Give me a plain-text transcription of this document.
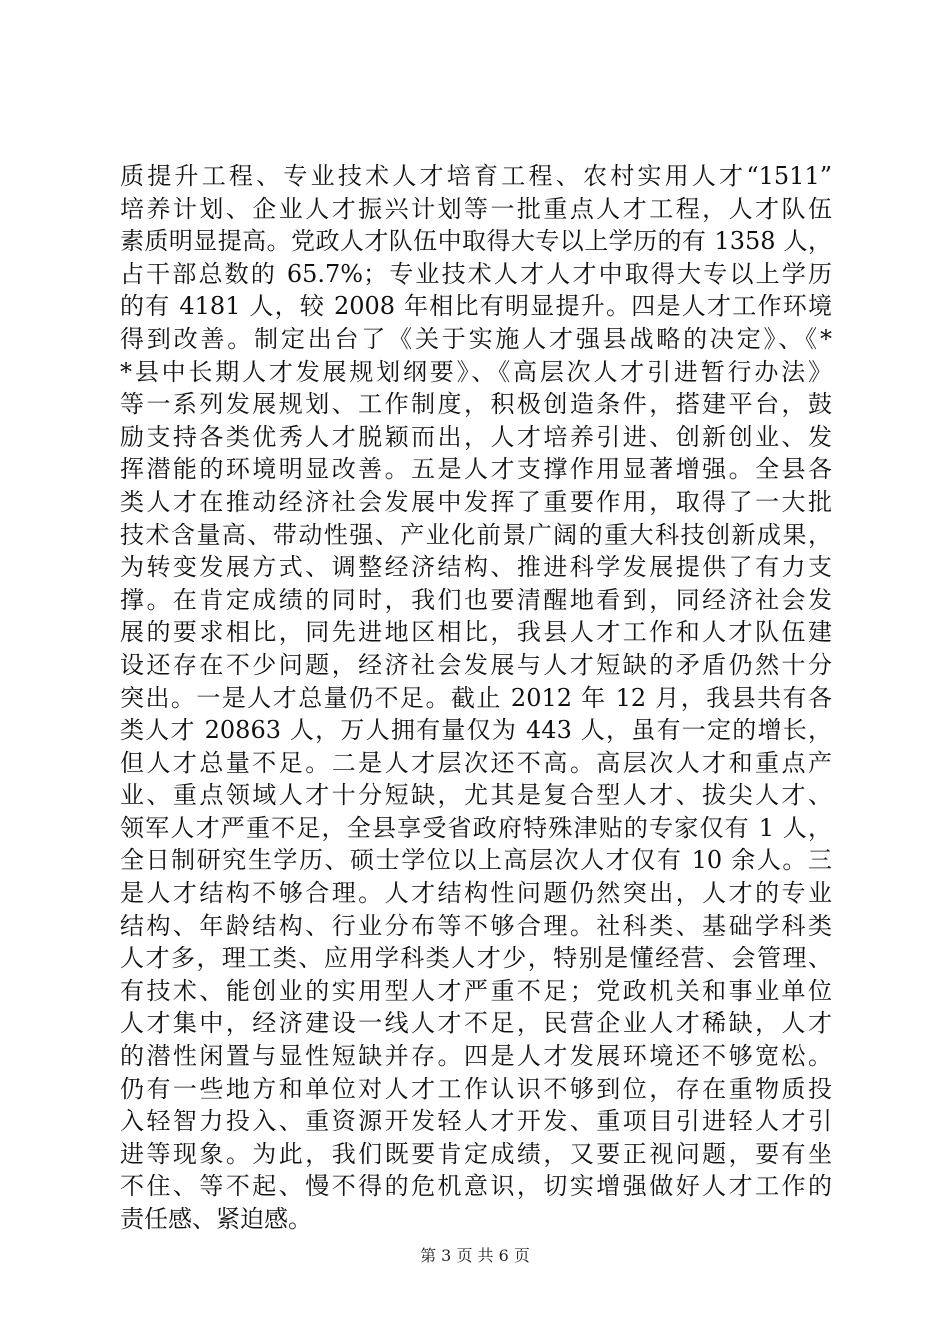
质提升工程、专业技术人才培育工程、农村实用人才“1511”
培养计划、企业人才振兴计划等一批重点人才工程，人才队伍
素质明显提高。党政人才队伍中取得大专以上学历的有 1358 人，
占干部总数的 65.7%；专业技术人才人才中取得大专以上学历
的有 4181 人，较 2008 年相比有明显提升。四是人才工作环境
得到改善。制定出台了《关于实施人才强县战略的决定》、《*
*县中长期人才发展规划纲要》、《高层次人才引进暂行办法》
等一系列发展规划、工作制度，积极创造条件，搭建平台，鼓
励支持各类优秀人才脱颖而出，人才培养引进、创新创业、发
挥潜能的环境明显改善。五是人才支撑作用显著增强。全县各
类人才在推动经济社会发展中发挥了重要作用，取得了一大批
技术含量高、带动性强、产业化前景广阔的重大科技创新成果，
为转变发展方式、调整经济结构、推进科学发展提供了有力支
撑。在肯定成绩的同时，我们也要清醒地看到，同经济社会发
展的要求相比，同先进地区相比，我县人才工作和人才队伍建
设还存在不少问题，经济社会发展与人才短缺的矛盾仍然十分
突出。一是人才总量仍不足。截止 2012 年 12 月，我县共有各
类人才 20863 人，万人拥有量仅为 443 人，虽有一定的增长，
但人才总量不足。二是人才层次还不高。高层次人才和重点产
业、重点领域人才十分短缺，尤其是复合型人才、拔尖人才、
领军人才严重不足，全县享受省政府特殊津贴的专家仅有 1 人，
全日制研究生学历、硕士学位以上高层次人才仅有 10 余人。三
是人才结构不够合理。人才结构性问题仍然突出，人才的专业
结构、年龄结构、行业分布等不够合理。社科类、基础学科类
人才多，理工类、应用学科类人才少，特别是懂经营、会管理、
有技术、能创业的实用型人才严重不足；党政机关和事业单位
人才集中，经济建设一线人才不足，民营企业人才稀缺，人才
的潜性闲置与显性短缺并存。四是人才发展环境还不够宽松。
仍有一些地方和单位对人才工作认识不够到位，存在重物质投
入轻智力投入、重资源开发轻人才开发、重项目引进轻人才引
进等现象。为此，我们既要肯定成绩，又要正视问题，要有坐
不住、等不起、慢不得的危机意识，切实增强做好人才工作的
责任感、紧迫感。
第 3 页 共 6 页
